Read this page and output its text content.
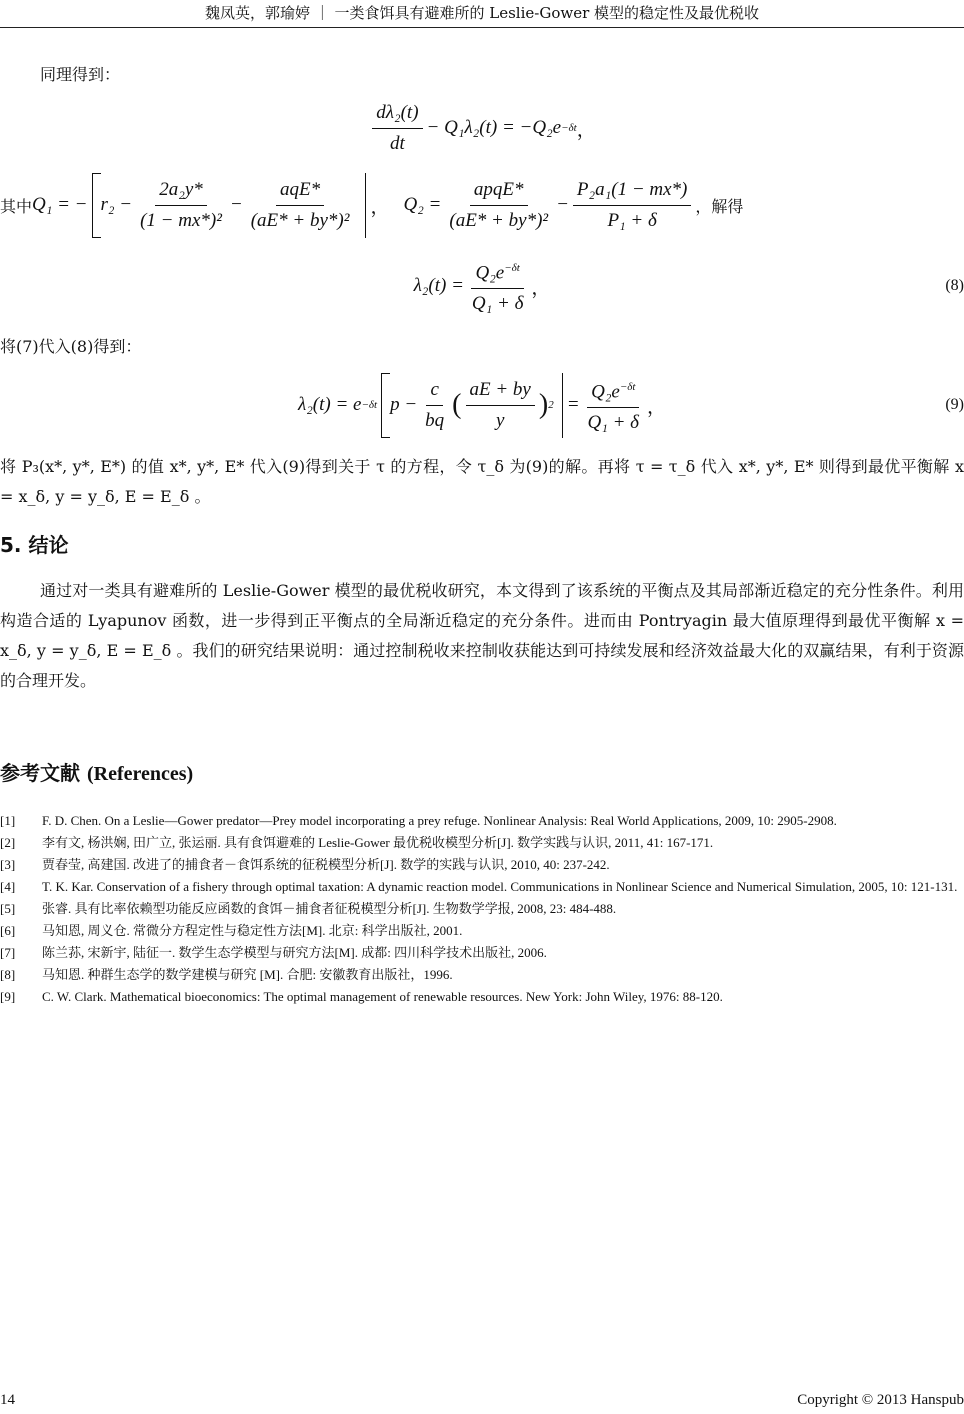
魏凤英，郭瑜婷 ｜ 一类食饵具有避难所的 Leslie-Gower 模型的稳定性及最优税收
同理得到：
$\frac{\text{dλ₂(t)}}{dt} - Q_1\lambda_2(t) = -Q_2e -\delta t$ ，
其中 Q₁ = − $r_2 - \frac{\text{2a₂y*}}{\text{(1 − mx*)²}} - \frac{\text{aqE*}}{\text{(aE* + by*)²}}$ ， $Q_2 = \frac{\text{apqE*}}{\text{(aE* + by*)²}} - \frac{\text{P₂a₁(1 − mx*)}}{\text{P₁ + δ}}$ ，解得
$\lambda_2(t) = \frac{Q_2e^{-\delta t}}{\text{Q₁ + δ}}$ ，	(8)
将(7)代入(8)得到：
λ₂(t) = e −δt $p - \frac{c}{bq}$ ( $\frac{aE + by}{y}$ ) $2 = \frac{Q_2e^{-\delta t}}{\text{Q₁ + δ}}$ ，	(9)
将 P₃(x*, y*, E*) 的值 x*, y*, E* 代入(9)得到关于 τ 的方程，令 τ_δ 为(9)的解。再将 τ = τ_δ 代入 x*, y*, E* 则得到最优平衡解 x = x_δ, y = y_δ, E = E_δ 。
5. 结论
通过对一类具有避难所的 Leslie-Gower 模型的最优税收研究，本文得到了该系统的平衡点及其局部渐近稳定的充分性条件。利用构造合适的 Lyapunov 函数，进一步得到正平衡点的全局渐近稳定的充分条件。进而由 Pontryagin 最大值原理得到最优平衡解 x = x_δ, y = y_δ, E = E_δ 。我们的研究结果说明：通过控制税收来控制收获能达到可持续发展和经济效益最大化的双赢结果，有利于资源的合理开发。
参考文献 (References)
[1]	F. D. Chen. On a Leslie—Gower predator—Prey model incorporating a prey refuge. Nonlinear Analysis: Real World Applications, 2009, 10: 2905-2908.
[2]	李有文, 杨洪娴, 田广立, 张运丽. 具有食饵避难的 Leslie-Gower 最优税收模型分析[J]. 数学实践与认识, 2011, 41: 167-171.
[3]	贾春莹, 高建国. 改进了的捕食者－食饵系统的征税模型分析[J]. 数学的实践与认识, 2010, 40: 237-242.
[4]	T. K. Kar. Conservation of a fishery through optimal taxation: A dynamic reaction model. Communications in Nonlinear Science and Numerical Simulation, 2005, 10: 121-131.
[5]	张睿. 具有比率依赖型功能反应函数的食饵－捕食者征税模型分析[J]. 生物数学学报, 2008, 23: 484-488.
[6]	马知恩, 周义仓. 常微分方程定性与稳定性方法[M]. 北京: 科学出版社, 2001.
[7]	陈兰荪, 宋新宇, 陆征一. 数学生态学模型与研究方法[M]. 成都: 四川科学技术出版社, 2006.
[8]	马知恩. 种群生态学的数学建模与研究 [M]. 合肥: 安徽教育出版社，1996.
[9]	C. W. Clark. Mathematical bioeconomics: The optimal management of renewable resources. New York: John Wiley, 1976: 88-120.
14	Copyright © 2013 Hanspub
